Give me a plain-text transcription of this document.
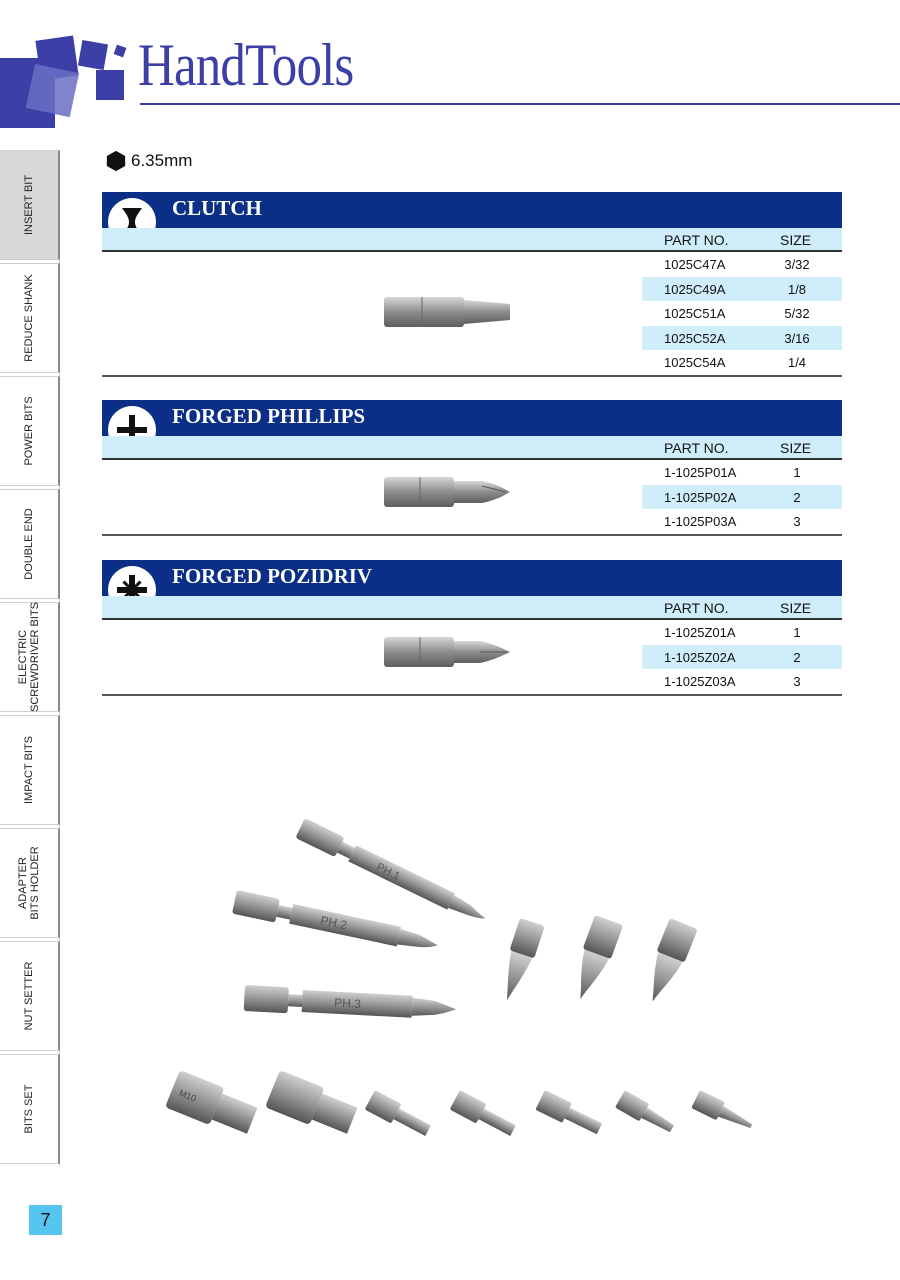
HandTools
INSERT BIT
REDUCE SHANK
POWER BITS
DOUBLE END
ELECTRIC SCREWDRIVER BITS
IMPACT BITS
ADAPTER BITS HOLDER
NUT SETTER
BITS SET
6.35mm
CLUTCH
PART NO.	SIZE
1025C47A	3/32
1025C49A	1/8
1025C51A	5/32
1025C52A	3/16
1025C54A	1/4
FORGED PHILLIPS
PART NO.	SIZE
1-1025P01A	1
1-1025P02A	2
1-1025P03A	3
FORGED POZIDRIV
PART NO.	SIZE
1-1025Z01A	1
1-1025Z02A	2
1-1025Z03A	3
PH.1
PH.2
PH.3
M10
7
